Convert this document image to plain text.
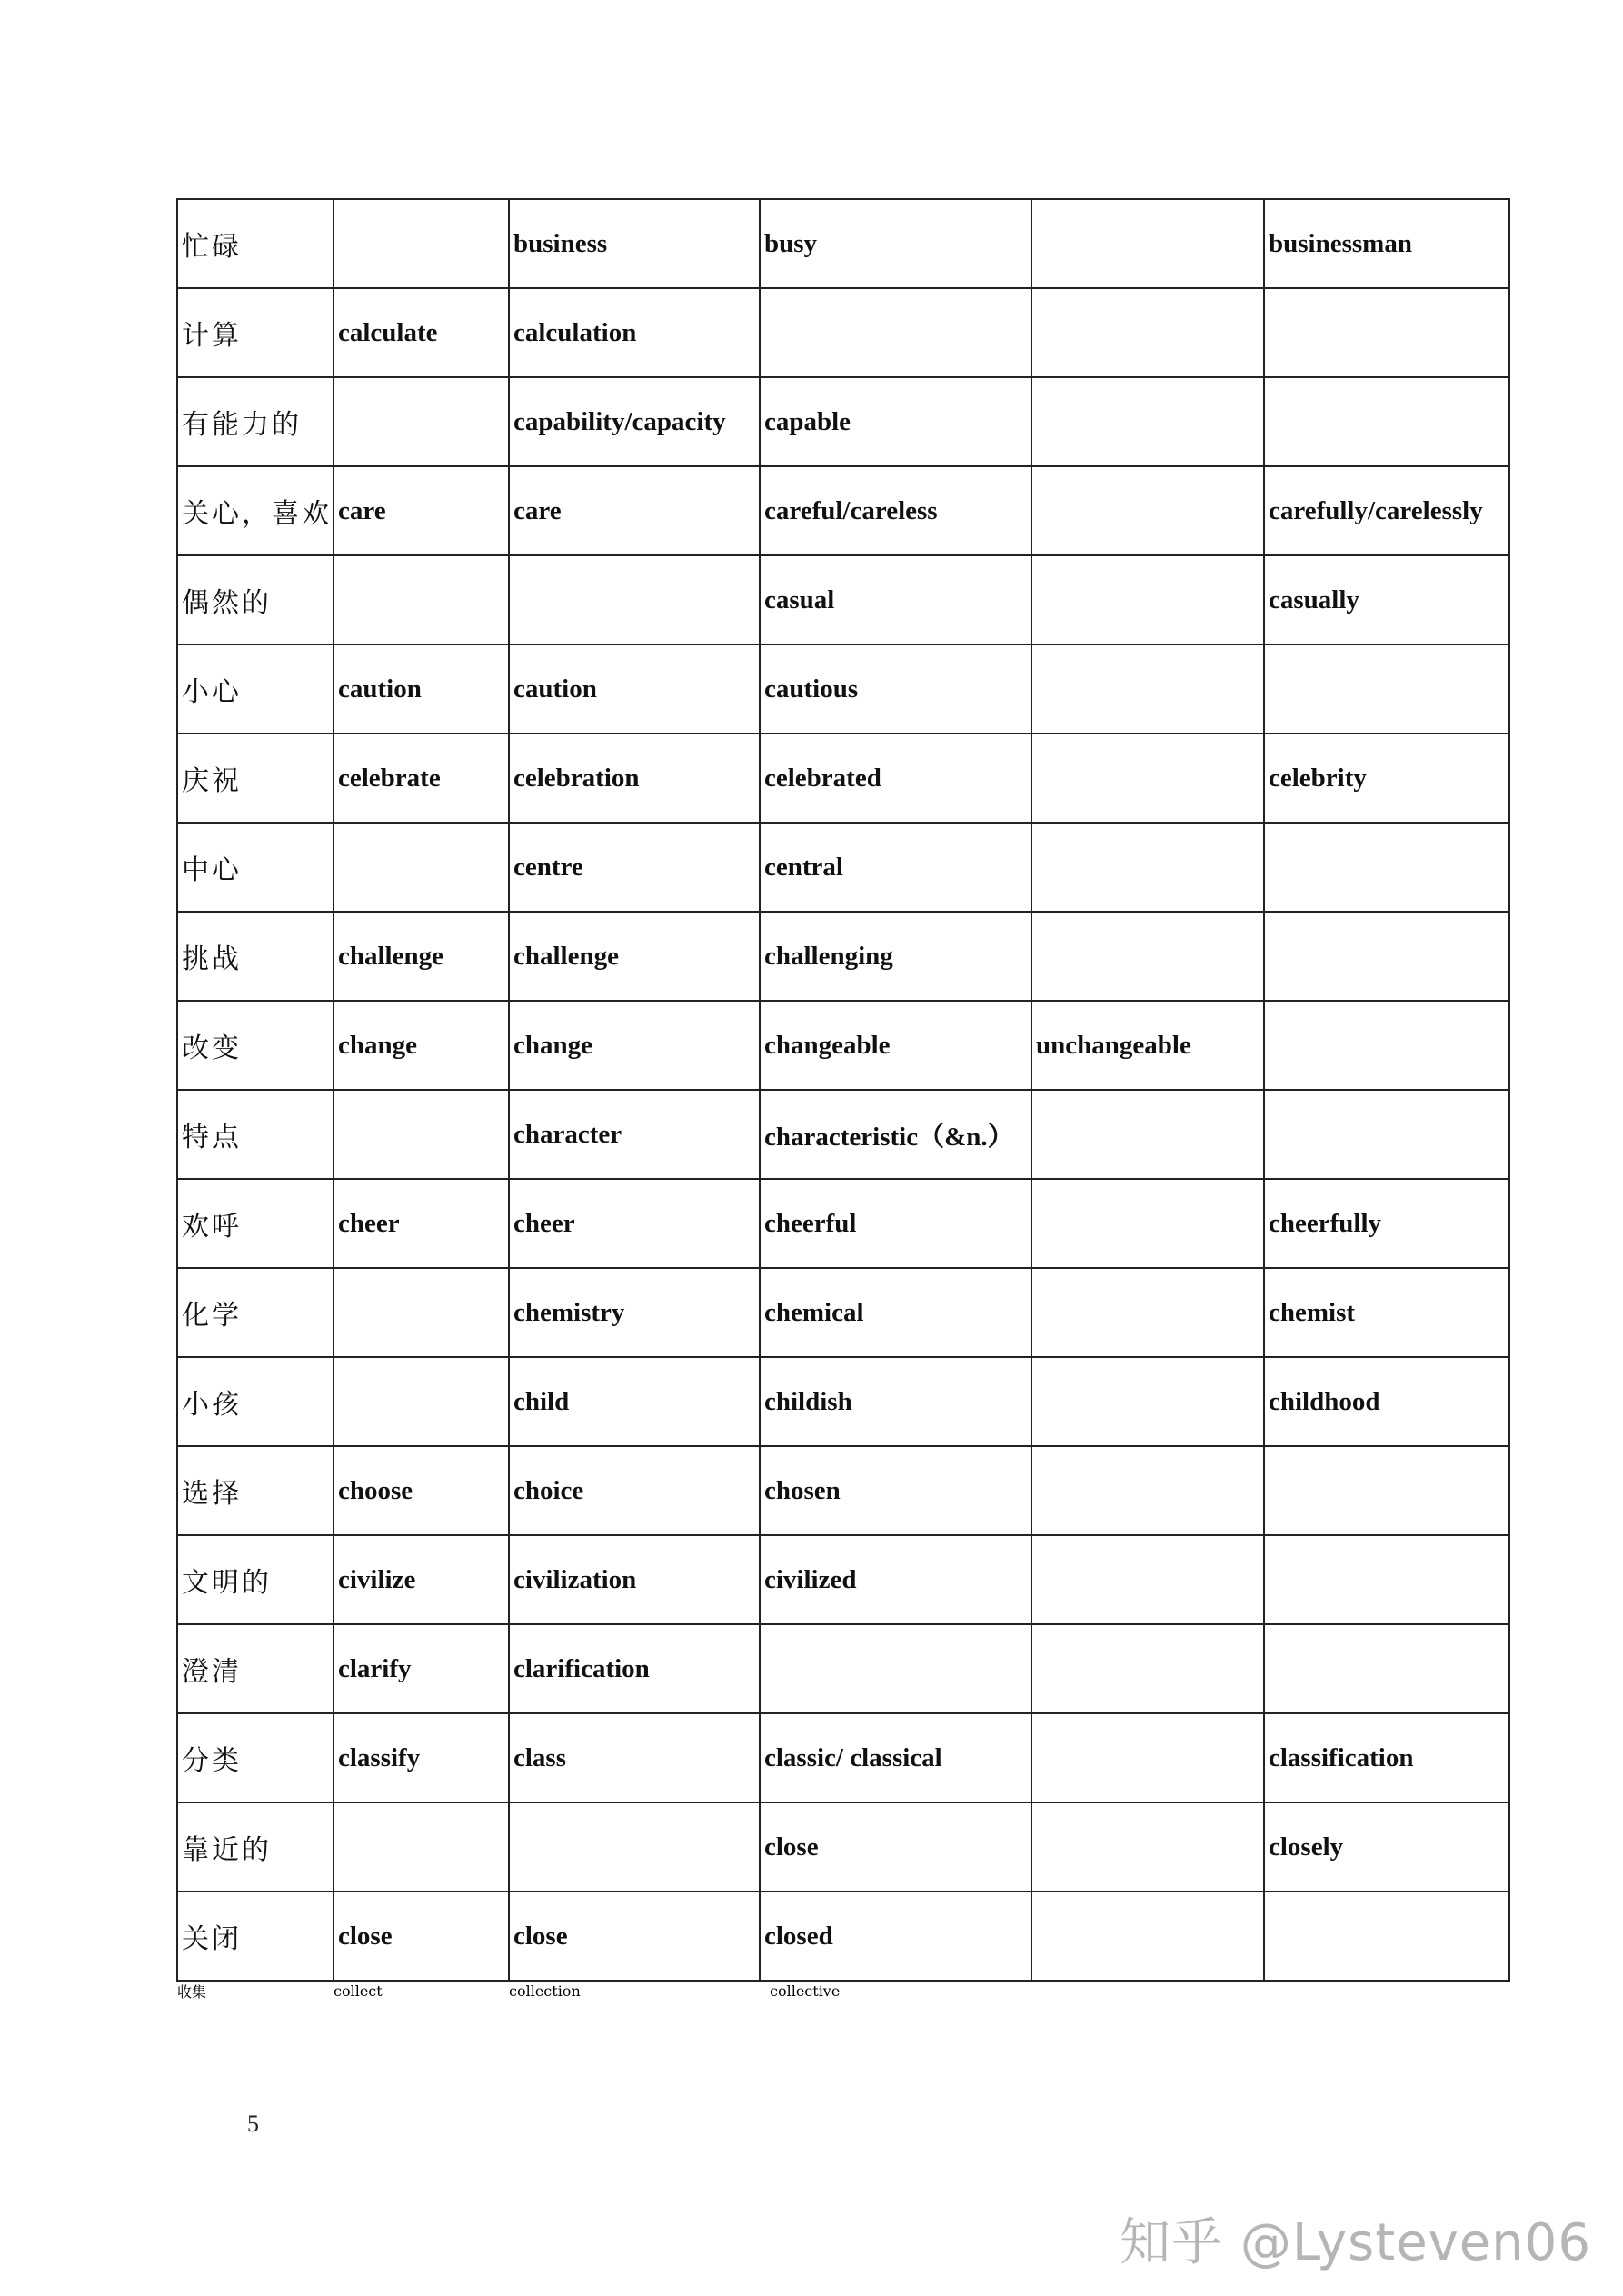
忙碌		business	busy		businessman
计算	calculate	calculation			
有能力的		capability/capacity	capable		
关心，喜欢	care	care	careful/careless		carefully/carelessly
偶然的			casual		casually
小心	caution	caution	cautious		
庆祝	celebrate	celebration	celebrated		celebrity
中心		centre	central		
挑战	challenge	challenge	challenging		
改变	change	change	changeable	unchangeable	
特点		character	characteristic（&n.）		
欢呼	cheer	cheer	cheerful		cheerfully
化学		chemistry	chemical		chemist
小孩		child	childish		childhood
选择	choose	choice	chosen		
文明的	civilize	civilization	civilized		
澄清	clarify	clarification			
分类	classify	class	classic/ classical		classification
靠近的			close		closely
关闭	close	close	closed		
收集	collect	collection	collective		
5
知乎 @Lysteven06
